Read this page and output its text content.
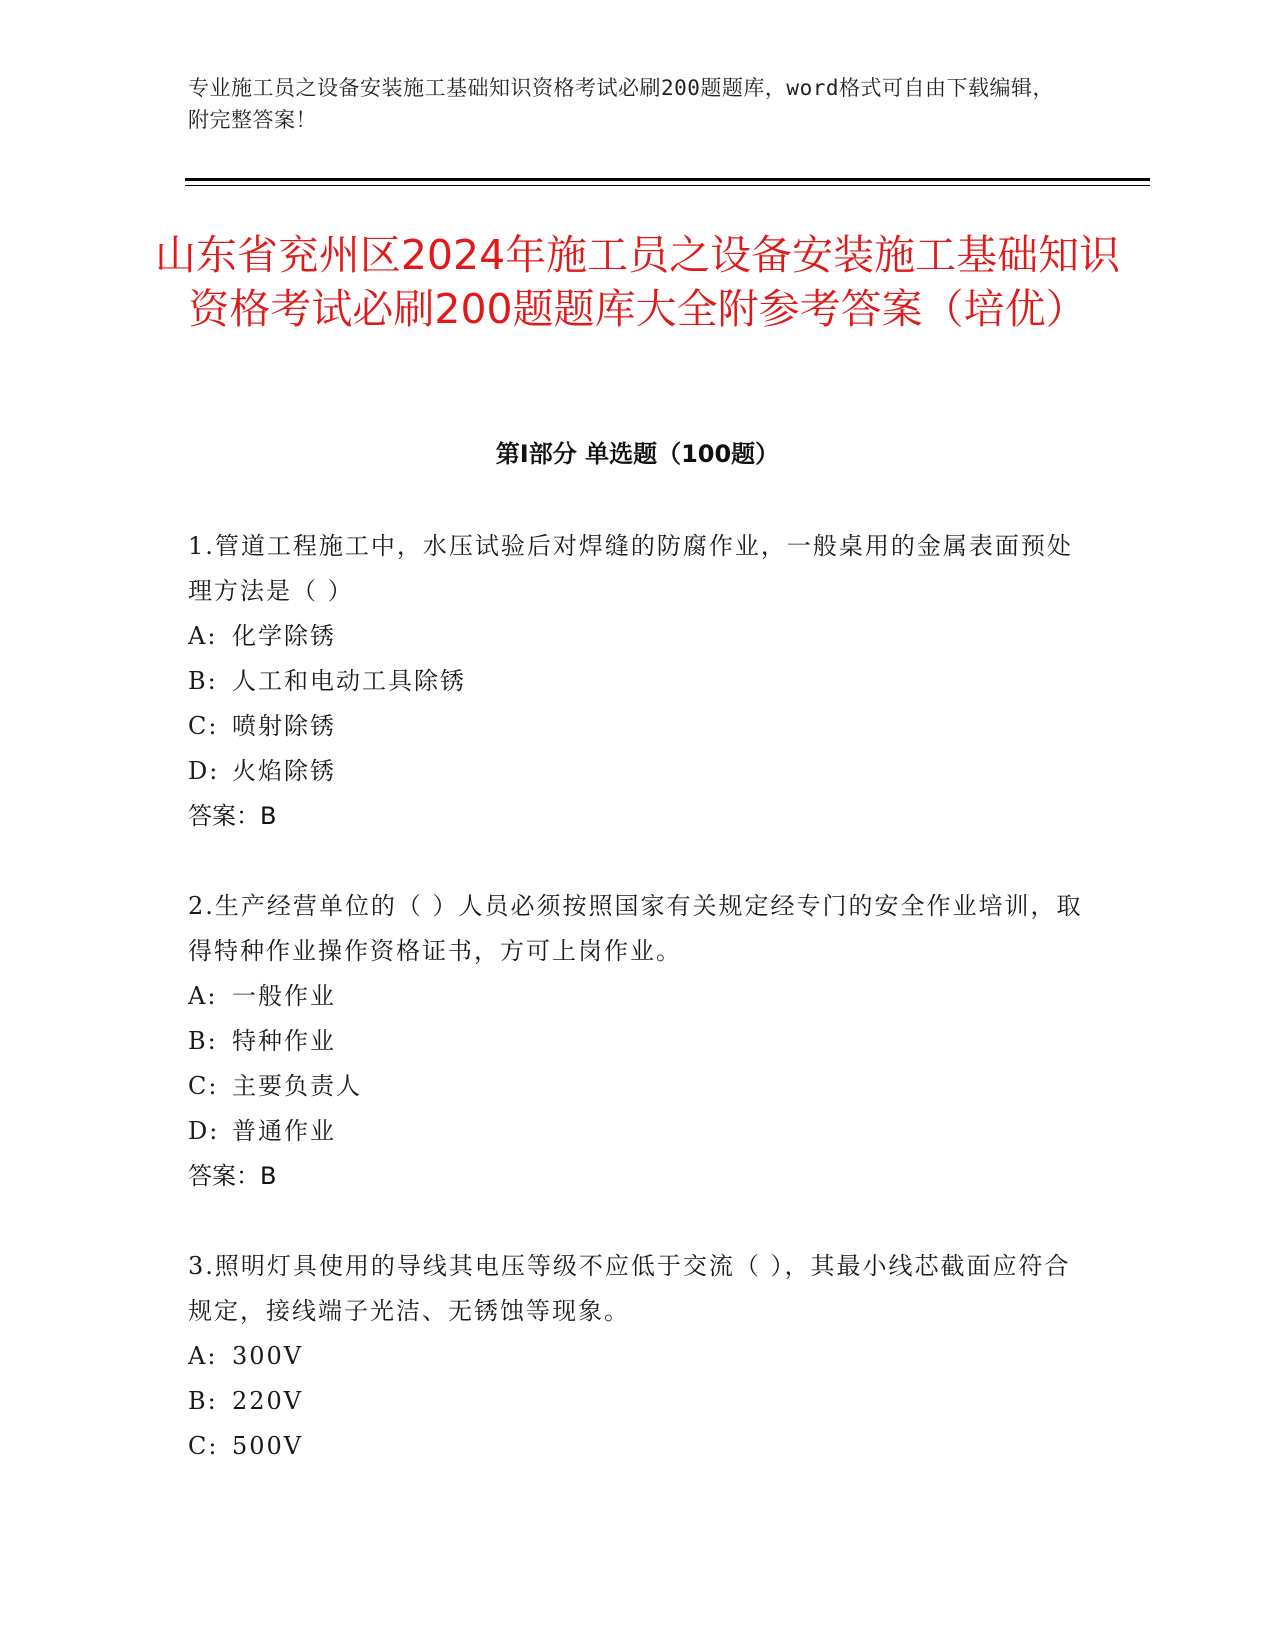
专业施工员之设备安装施工基础知识资格考试必刷200题题库，word格式可自由下载编辑，附完整答案！
山东省兖州区2024年施工员之设备安装施工基础知识资格考试必刷200题题库大全附参考答案（培优）
第Ⅰ部分 单选题（100题）

1.管道工程施工中，水压试验后对焊缝的防腐作业，一般桌用的金属表面预处理方法是（ ）

A: 化学除锈
B: 人工和电动工具除锈
C: 喷射除锈
D: 火焰除锈
答案：B

2.生产经营单位的（ ）人员必须按照国家有关规定经专门的安全作业培训，取得特种作业操作资格证书，方可上岗作业。

A: 一般作业
B: 特种作业
C: 主要负责人
D: 普通作业
答案：B

3.照明灯具使用的导线其电压等级不应低于交流（ ），其最小线芯截面应符合规定，接线端子光洁、无锈蚀等现象。

A: 300V
B: 220V
C: 500V
